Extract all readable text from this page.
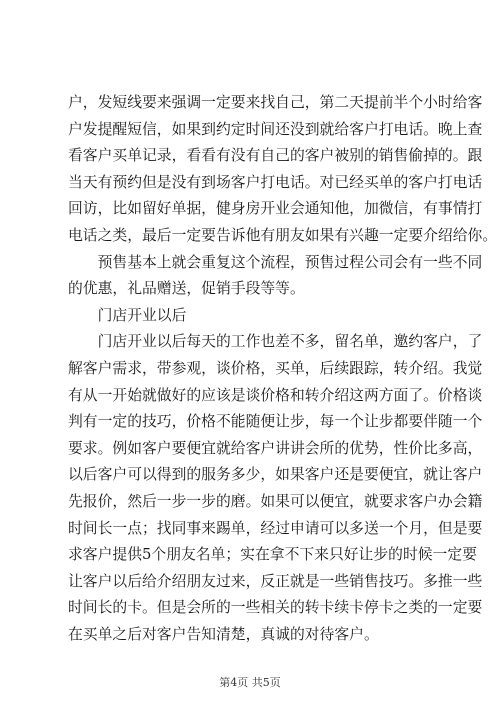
户，发短线要来强调一定要来找自己，第二天提前半个小时给客
户发提醒短信，如果到约定时间还没到就给客户打电话。晚上查
看客户买单记录，看看有没有自己的客户被别的销售偷掉的。跟
当天有预约但是没有到场客户打电话。对已经买单的客户打电话
回访，比如留好单据，健身房开业会通知他，加微信，有事情打
电话之类，最后一定要告诉他有朋友如果有兴趣一定要介绍给你。
　　预售基本上就会重复这个流程，预售过程公司会有一些不同
的优惠，礼品赠送，促销手段等等。
　　门店开业以后
　　门店开业以后每天的工作也差不多，留名单，邀约客户，了
解客户需求，带参观，谈价格，买单，后续跟踪，转介绍。我觉
有从一开始就做好的应该是谈价格和转介绍这两方面了。价格谈
判有一定的技巧，价格不能随便让步，每一个让步都要伴随一个
要求。例如客户要便宜就给客户讲讲会所的优势，性价比多高，
以后客户可以得到的服务多少，如果客户还是要便宜，就让客户
先报价，然后一步一步的磨。如果可以便宜，就要求客户办会籍
时间长一点；找同事来踢单，经过申请可以多送一个月，但是要
求客户提供5个朋友名单；实在拿不下来只好让步的时候一定要
让客户以后给介绍朋友过来，反正就是一些销售技巧。多推一些
时间长的卡。但是会所的一些相关的转卡续卡停卡之类的一定要
在买单之后对客户告知清楚，真诚的对待客户。
第4页 共5页
